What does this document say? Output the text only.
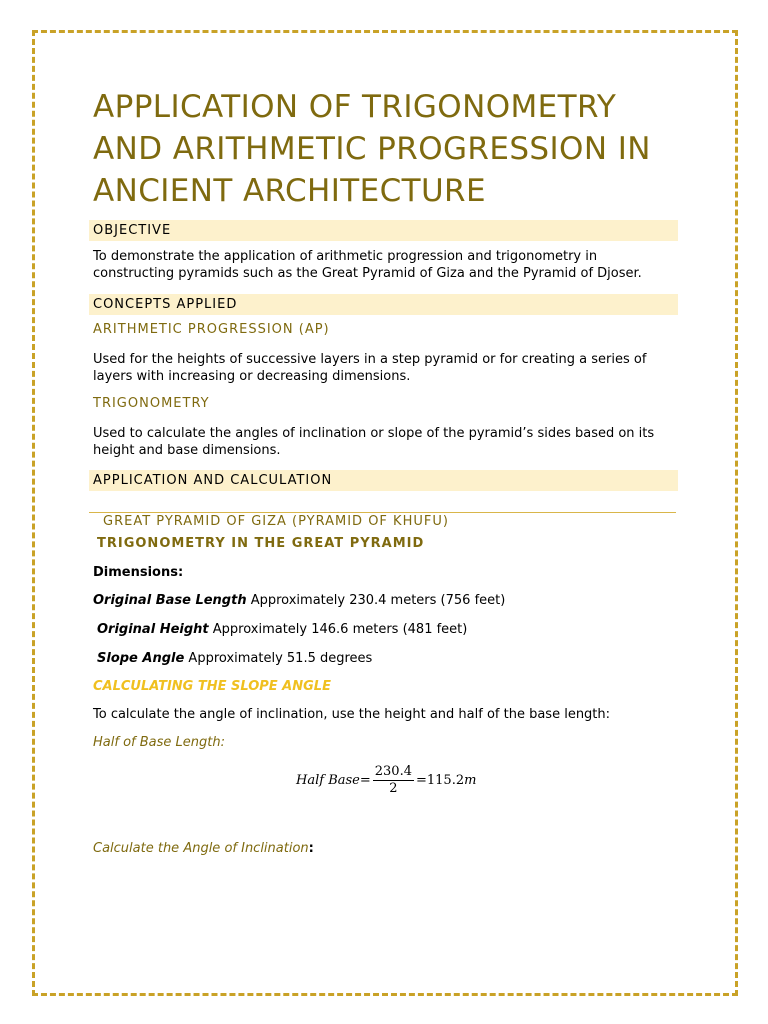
APPLICATION OF TRIGONOMETRY AND ARITHMETIC PROGRESSION IN ANCIENT ARCHITECTURE
OBJECTIVE

To demonstrate the application of arithmetic progression and trigonometry in constructing pyramids such as the Great Pyramid of Giza and the Pyramid of Djoser.

CONCEPTS APPLIED

ARITHMETIC PROGRESSION (AP)

Used for the heights of successive layers in a step pyramid or for creating a series of layers with increasing or decreasing dimensions.

TRIGONOMETRY

Used to calculate the angles of inclination or slope of the pyramid’s sides based on its height and base dimensions.

APPLICATION AND CALCULATION

GREAT PYRAMID OF GIZA (PYRAMID OF KHUFU)

TRIGONOMETRY IN THE GREAT PYRAMID
Dimensions:
Original Base Length Approximately 230.4 meters (756 feet)
Original Height Approximately 146.6 meters (481 feet)
Slope Angle Approximately 51.5 degrees
CALCULATING THE SLOPE ANGLE
To calculate the angle of inclination, use the height and half of the base length:
Half of Base Length:
Half Base = $\frac{230.4}{2} = 115.2$ m
Calculate the Angle of Inclination:
